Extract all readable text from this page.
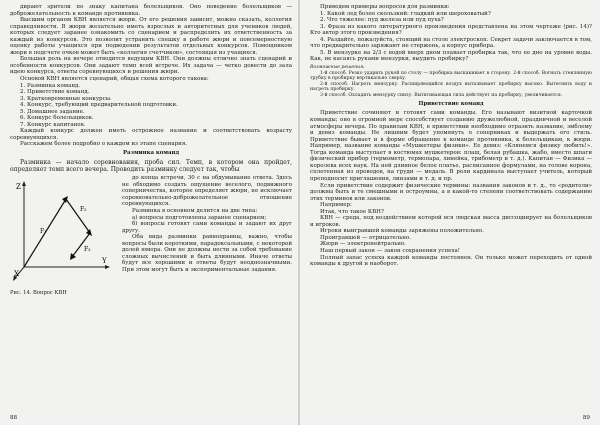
дирают зрители по знаку капитана болельщиков. Оно поведение болельщиков — доброжелательность к команде противника.

Высшим органом КВН является жюри. От его решения зависит, можно сказать, коллегия справедливости. В жюри желательно иметь взрослых и авторитетных для учеников людей, которых следует заранее ознакомить со сценарием и распределить их ответственность за каждый из конкурсов. Это позволит устранить спешку в работе жюри и повсемерностную оценку работы учащихся при подведении результатов отдельных конкурсов. Помощником жюри в подсчете очков может быть «коллегия счетчиков», состоящая из учащихся.

Большая роль на вечере отводится ведущим КВН. Они должны отлично знать сценарий и особенности конкурсов. Они задают темп всей встрече. Их задача — четко довести до зала идею конкурса, ответы соревнующихся и решения жюри.

Основой КВН является сценарий, общая схема которого такова:

1. Разминка команд.

2. Приветствие команд.

3. Кратковременные конкурсы.

4. Конкурс, требующий предварительной подготовки.

5. Домашнее задание.

6. Конкурс болельщиков.

7. Конкурс капитанов.

Каждый конкурс должен иметь острожное название и соответствовать возрасту соревнующихся.

Расскажем более подробно о каждом из этапе сценария.

Разминка команд

Разминка — начало соревнования, проба сил. Темп, в котором она пройдет, определяет темп всего вечера. Проводить разминку следует так, чтобы

Z
X
Y
F₁
F₂
F₃
Рис. 14. Вопрос КВН

до конца встречи, 30 с на обдумывание ответа. Здесь не обходимо создать ощущение веселого, подвижного соперничества, которое определяет жюри, не исключает соревновательно-доброжелательное отношение соревнующихся.

Разминка в основном делится на две типа:

а) вопросы подготовлены заранее сценарием;

б) вопросы готовят сами команды и задают их друг другу.

Оба вида разминки равноправны, важно, чтобы вопросы были короткими, парадоксальными, с некоторой долей юмора. Они не должны нести за собой требование сложных вычислений и быть длинными. Иначе ответы будут все хорошими и ответы будут неоднозначными. При этом могут быть и экспериментальные задания.

88

Приведем примеры вопросов для разминки:

1. Какой лед более скользкий: гладкий или шероховатый?

2. Что тяжелее: пуд железа или пуд пуха?

3. Фраза из какого литературного произведения представлена на этом чертеже (рис. 14)? Кто автор этого произведения?

4. Раздайте, пожалуйста, стоящий на столе электроскоп. Секрет задачи заключается в том, что предварительно заряжают не стержень, а корпус прибора.

5. В мензурке на 2/3 с водой вверх дном плавает пробирка так, что ее дно на уровне воды. Как, не касаясь руками мензурки, выудить пробирку?

Возможные решения:

1-й способ. Резко ударить рукой по столу — пробирка выскакивает в сторону. 2-й способ. Вогнать стеклянную трубку в пробирку вертикально сверху.

2-й способ. Нагреть мензурку. Расширяющийся воздух выталкивает пробирку высоко. Вытеснить воду и нагреть пробирку.

3-й способ. Охладить мензурку снизу. Вытягивающая сила действует на пробирку, увеличивается.

Приветствие команд

Приветствие сочиняют и готовят сами команды. Его называют визитной карточкой команды; оно в огромной мере способствует созданию дружелюбной, праздничной и веселой атмосферы вечера. По правилам КВН, в приветствии необходимо отразить название, эмблему и девиз команды. Не лишним будет упомянуть о соперниках и выдержать его стиль. Приветствие бывает и в форме обращение к команде противника, к болельщикам, к жюри. Например, название команды «Мушкетеры физики». Ее девиз: «Клянемся физику любить!». Тогда команда выступает в костюмах мушкетеров: плащ, белая рубашка, жабо, вместо шпаги физический прибор (термометр, термопара, линейка, трибометр и т. д.). Капитан — Физика — королева всех наук. На ней длинное белое платье, расписанное формулами, на голове корона, сплетенная из проводов, на груди — медаль. В роли кардинала выступает учитель, который преподносит приглашения, линзами и т. д. и пр.

Если приветствие содержит физические термины: названия законов и т. д., то «родители» должны быть и те смешными и остроумны, а в какой-то степени соответствовать содержанию этих терминов или законов.

Например:

Итак, что такое КВН?

КВН — среда, под воздействием которой вся людская масса диссоциирует на болельщиков и игроков.

Игроки выигравшей команды заряжены положительно.

Проигравшей — отрицательно.

Жюри — электронейтрально.

Наш первый закон — закон сохранения успеха!

Полный запас успеха каждой команды постоянен. Он только может переходить от одной команды к другой и наоборот.

89
